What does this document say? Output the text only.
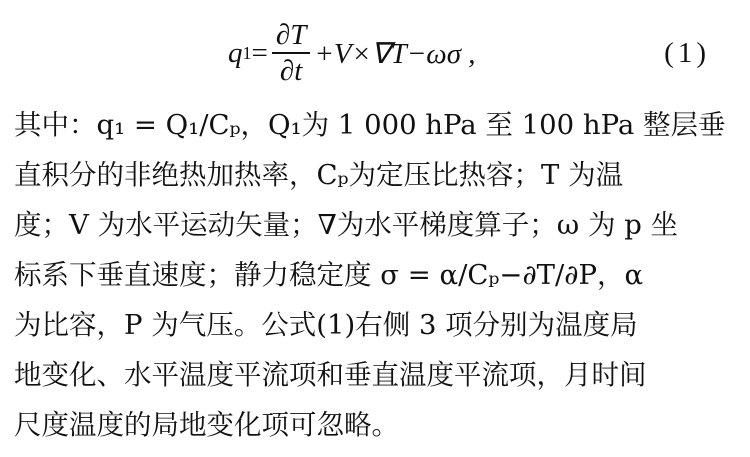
q $1 = \frac{\partial T}{\partial t} +V\times\nabla T-\omega\sigma$ ,	(1)
其中：q₁ = Q₁/Cₚ，Q₁为 1 000 hPa 至 100 hPa 整层垂
直积分的非绝热加热率，Cₚ为定压比热容；T 为温
度；V 为水平运动矢量；∇为水平梯度算子；ω 为 p 坐
标系下垂直速度；静力稳定度 σ = α/Cₚ−∂T/∂P，α
为比容，P 为气压。公式(1)右侧 3 项分别为温度局
地变化、水平温度平流项和垂直温度平流项，月时间
尺度温度的局地变化项可忽略。
